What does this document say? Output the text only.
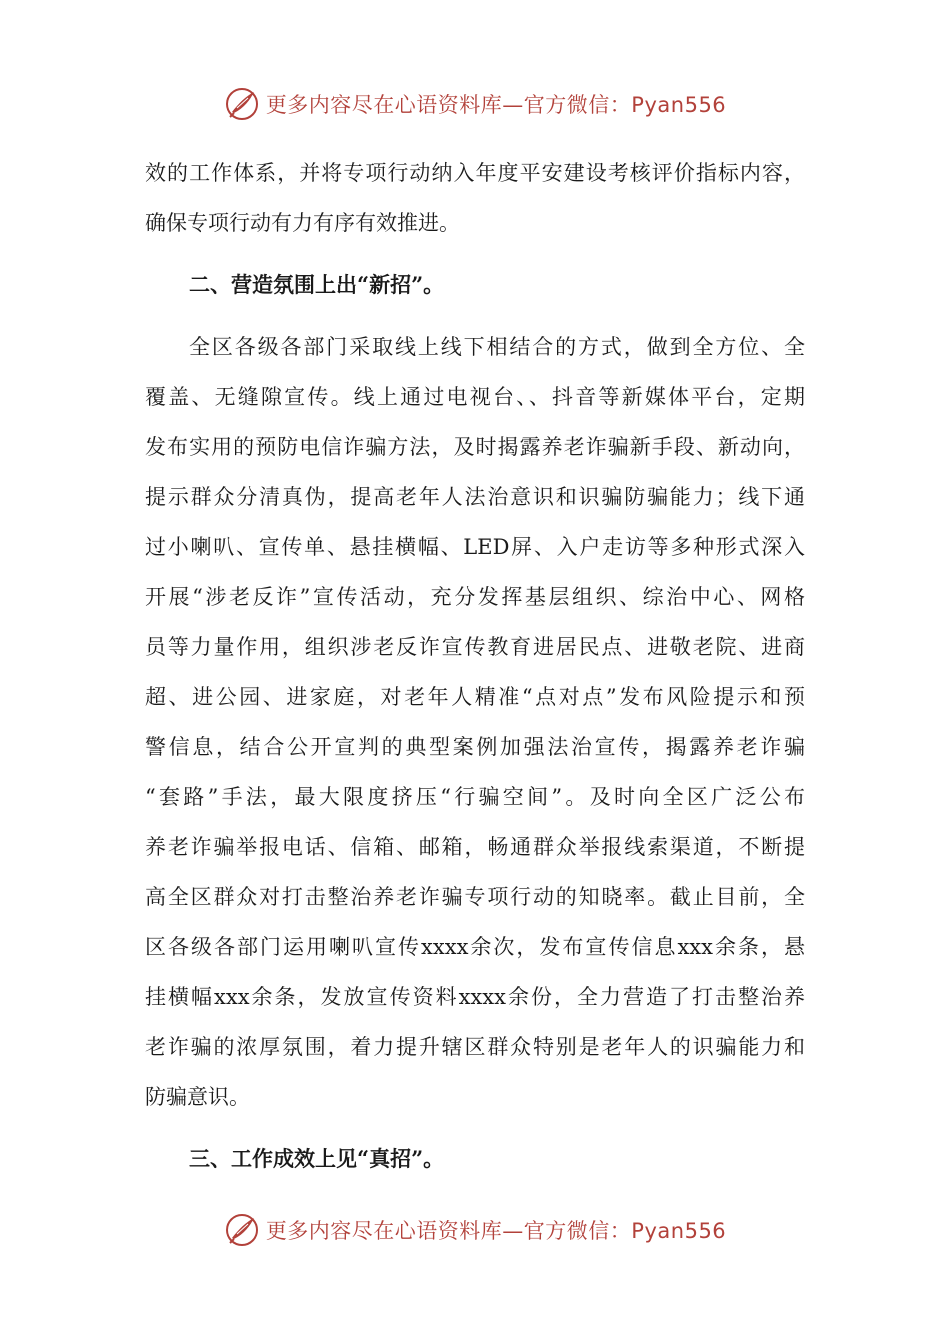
更多内容尽在心语资料库—官方微信：Pyan556
效的工作体系，并将专项行动纳入年度平安建设考核评价指标内容，
确保专项行动有力有序有效推进。
二、营造氛围上出“新招”。
全区各级各部门采取线上线下相结合的方式，做到全方位、全
覆盖、无缝隙宣传。线上通过电视台、、抖音等新媒体平台，定期
发布实用的预防电信诈骗方法，及时揭露养老诈骗新手段、新动向，
提示群众分清真伪，提高老年人法治意识和识骗防骗能力；线下通
过小喇叭、宣传单、悬挂横幅、LED屏、入户走访等多种形式深入
开展“涉老反诈”宣传活动，充分发挥基层组织、综治中心、网格
员等力量作用，组织涉老反诈宣传教育进居民点、进敬老院、进商
超、进公园、进家庭，对老年人精准“点对点”发布风险提示和预
警信息，结合公开宣判的典型案例加强法治宣传，揭露养老诈骗
“套路”手法，最大限度挤压“行骗空间”。及时向全区广泛公布
养老诈骗举报电话、信箱、邮箱，畅通群众举报线索渠道，不断提
高全区群众对打击整治养老诈骗专项行动的知晓率。截止目前，全
区各级各部门运用喇叭宣传xxxx余次，发布宣传信息xxx余条，悬
挂横幅xxx余条，发放宣传资料xxxx余份，全力营造了打击整治养
老诈骗的浓厚氛围，着力提升辖区群众特别是老年人的识骗能力和
防骗意识。
三、工作成效上见“真招”。
更多内容尽在心语资料库—官方微信：Pyan556
